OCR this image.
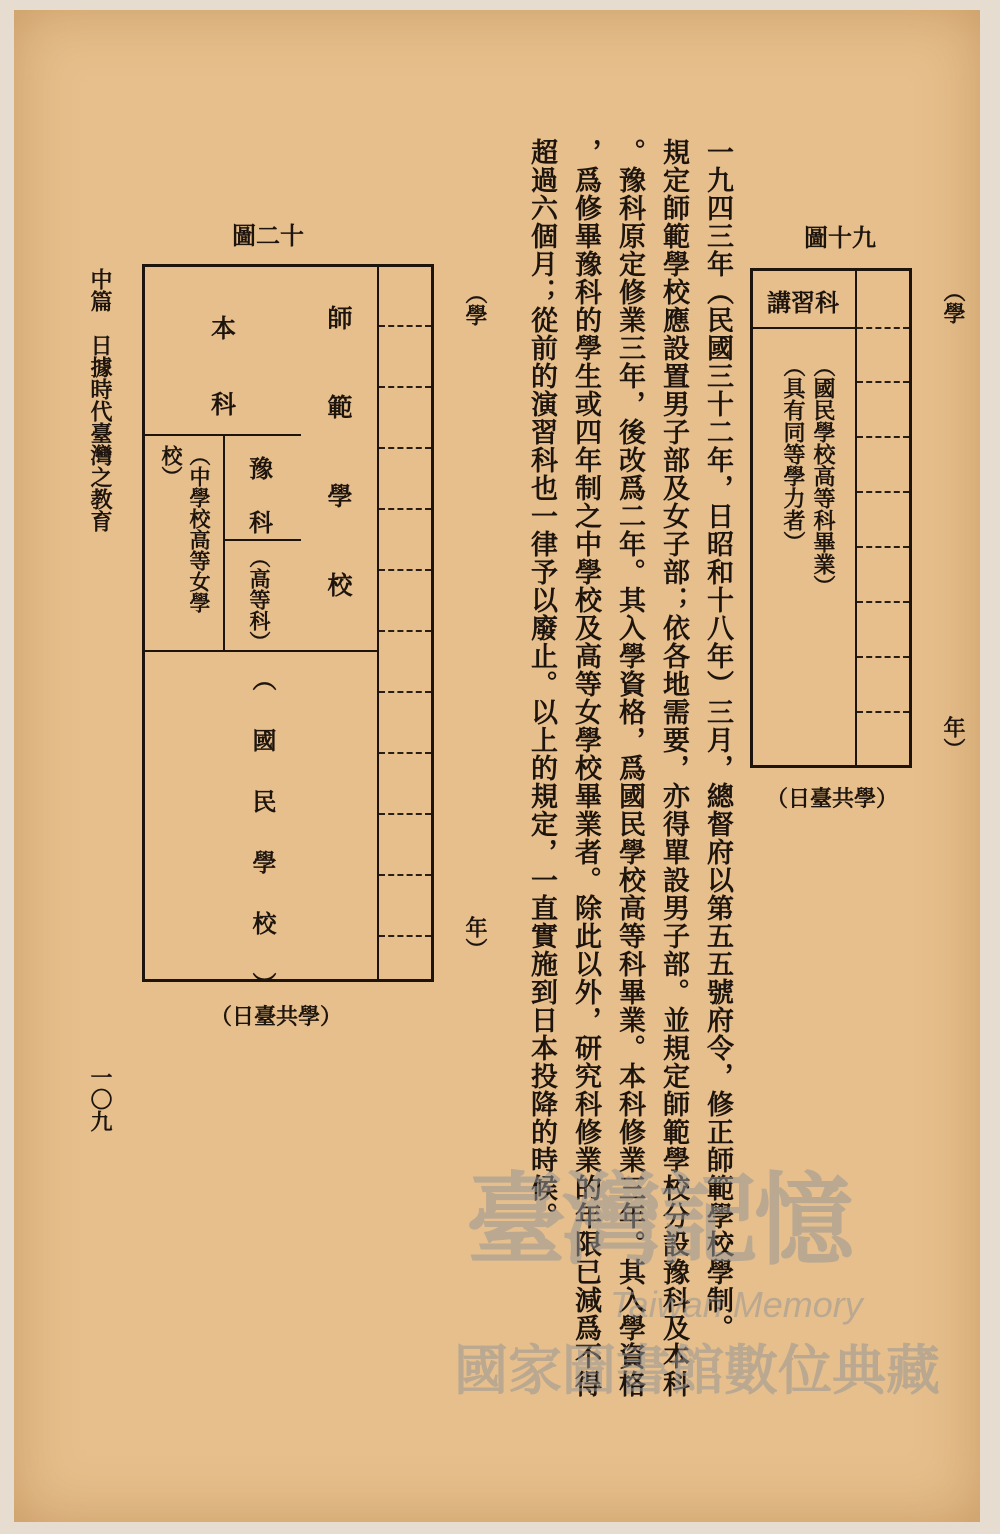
一九四三年（民國三十二年，日昭和十八年）三月，總督府以第五五號府令，修正師範學校學制。
規定師範學校應設置男子部及女子部；依各地需要，亦得單設男子部。並規定師範學校分設豫科及本科
。豫科原定修業三年，後改爲二年。其入學資格，爲國民學校高等科畢業。本科修業三年。其入學資格
，爲修畢豫科的學生或四年制之中學校及高等女學校畢業者。除此以外，研究科修業的年限已減爲不得
超過六個月；從前的演習科也一律予以廢止。以上的規定，一直實施到日本投降的時候。	圖十九
（學
年）
講習科
（國民學校高等科畢業）
（具有同等學力者）
（日臺共學）
圖二十
（學
年）
師範學校
本
科
豫
科
（高等科）
（中學校高等女學
校）
（國民學校）
（日臺共學）
中篇　日據時代臺灣之教育
一〇九
臺灣記憶
Taiwan Memory
國家圖書館數位典藏
